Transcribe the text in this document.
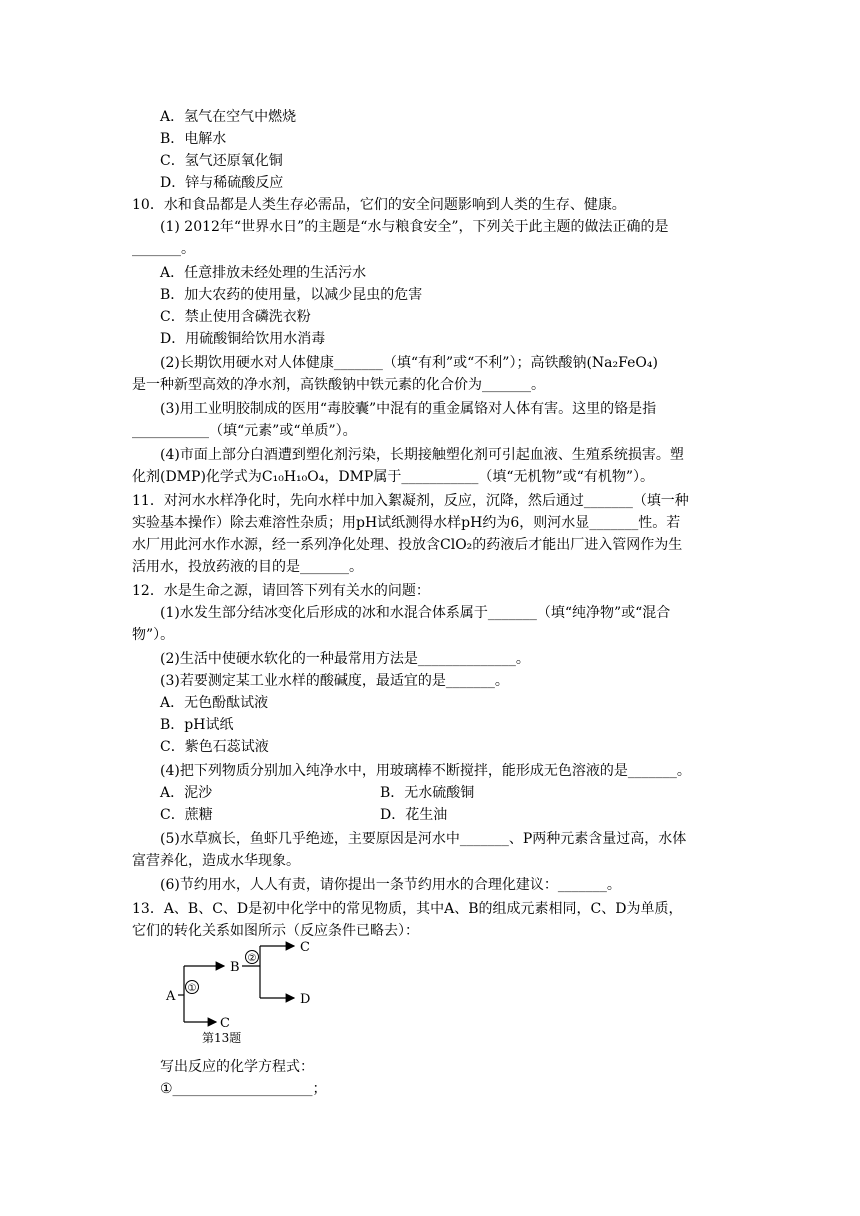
A．氢气在空气中燃烧
B．电解水
C．氢气还原氧化铜
D．锌与稀硫酸反应
10．水和食品都是人类生存必需品，它们的安全问题影响到人类的生存、健康。
(1) 2012年“世界水日”的主题是“水与粮食安全”，下列关于此主题的做法正确的是
_______。
A．任意排放未经处理的生活污水
B．加大农药的使用量，以减少昆虫的危害
C．禁止使用含磷洗衣粉
D．用硫酸铜给饮用水消毒
(2)长期饮用硬水对人体健康_______（填“有利”或“不利”）；高铁酸钠(Na₂FeO₄)
是一种新型高效的净水剂，高铁酸钠中铁元素的化合价为_______。
(3)用工业明胶制成的医用“毒胶囊”中混有的重金属铬对人体有害。这里的铬是指
___________（填“元素”或“单质”）。
(4)市面上部分白酒遭到塑化剂污染，长期接触塑化剂可引起血液、生殖系统损害。塑
化剂(DMP)化学式为C₁₀H₁₀O₄，DMP属于___________（填“无机物”或“有机物”）。
11．对河水水样净化时，先向水样中加入絮凝剂，反应，沉降，然后通过_______（填一种
实验基本操作）除去难溶性杂质；用pH试纸测得水样pH约为6，则河水显_______性。若
水厂用此河水作水源，经一系列净化处理、投放含ClO₂的药液后才能出厂进入管网作为生
活用水，投放药液的目的是_______。
12．水是生命之源，请回答下列有关水的问题：
(1)水发生部分结冰变化后形成的冰和水混合体系属于_______（填“纯净物”或“混合
物”）。
(2)生活中使硬水软化的一种最常用方法是______________。
(3)若要测定某工业水样的酸碱度，最适宜的是_______。
A．无色酚酞试液
B．pH试纸
C．紫色石蕊试液
(4)把下列物质分别加入纯净水中，用玻璃棒不断搅拌，能形成无色溶液的是_______。
A．泥沙	B．无水硫酸铜
C．蔗糖	D．花生油
(5)水草疯长，鱼虾几乎绝迹，主要原因是河水中_______、P两种元素含量过高，水体
富营养化，造成水华现象。
(6)节约用水，人人有责，请你提出一条节约用水的合理化建议：_______。
13．A、B、C、D是初中化学中的常见物质，其中A、B的组成元素相同，C、D为单质，
它们的转化关系如图所示（反应条件已略去）：
A
①
B
C
②
C
D
第13题
写出反应的化学方程式：
①____________________；
